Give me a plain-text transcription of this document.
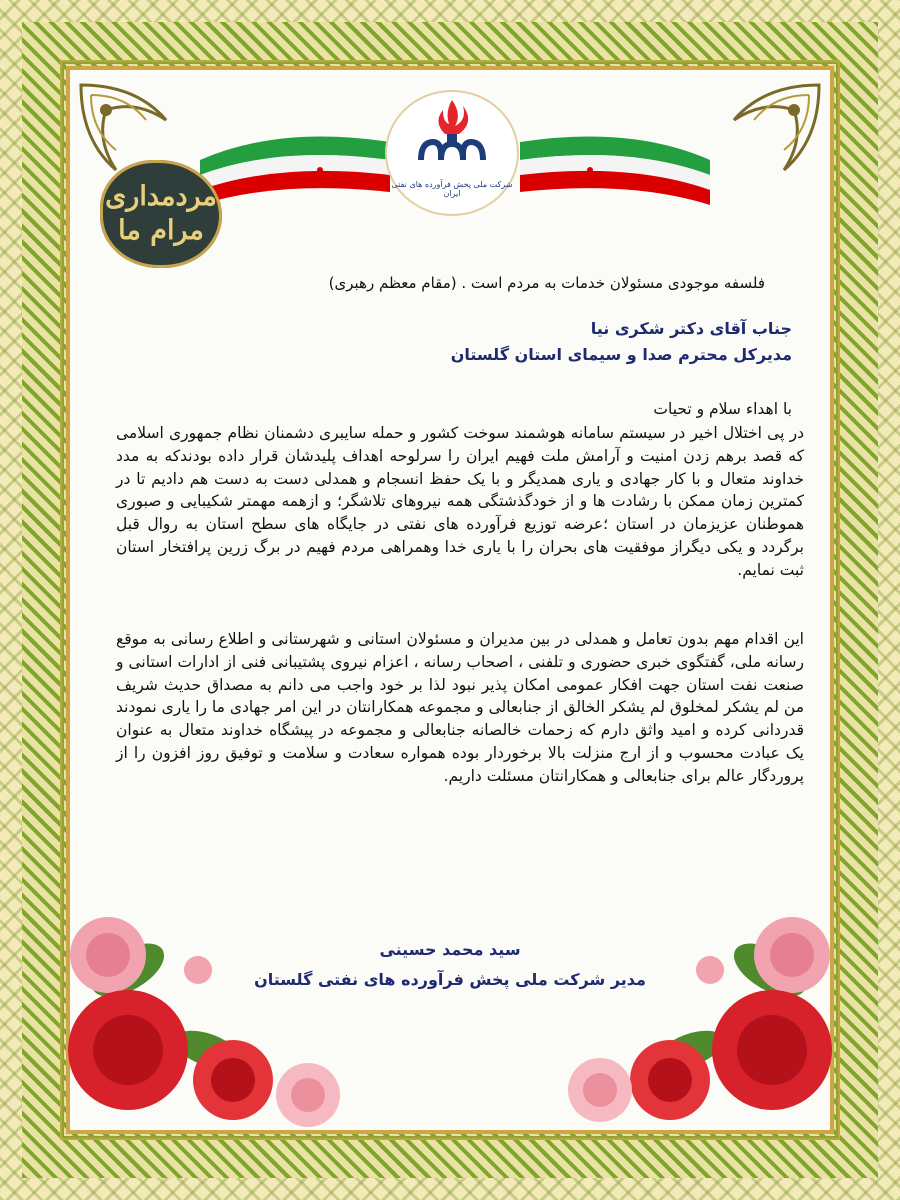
شرکت ملی پخش فرآورده های نفتی ایران
مردمداری
مرام ما
فلسفه موجودی مسئولان خدمات به مردم است . (مقام معظم رهبری)
جناب آقای دکتر شکری نیا
مدیرکل محترم صدا و سیمای استان گلستان
با اهداء سلام و تحیات
در پی اختلال اخیر در سیستم سامانه هوشمند سوخت کشور و حمله سایبری دشمنان نظام جمهوری اسلامی که قصد برهم زدن امنیت و آرامش ملت فهیم ایران را سرلوحه اهداف پلیدشان قرار داده بودندکه به مدد خداوند متعال و با کار جهادی و یاری همدیگر و با یک حفظ انسجام و همدلی دست به دست هم دادیم تا در کمترین زمان ممکن با رشادت ها و از خودگذشتگی همه نیروهای تلاشگر؛ و ازهمه مهمتر شکیبایی و صبوری هموطنان عزیزمان در استان ؛عرضه توزیع فرآورده های نفتی در جایگاه های سطح استان به روال قبل برگردد و یکی دیگراز موفقیت های بحران را با یاری خدا وهمراهی مردم فهیم در برگ زرین پرافتخار استان ثبت نمایم.
این اقدام مهم بدون تعامل و همدلی در بین مدیران و مسئولان استانی و شهرستانی و اطلاع رسانی به موقع رسانه ملی، گفتگوی خبری حضوری و تلفنی ، اصحاب رسانه ، اعزام نیروی پشتیبانی فنی از ادارات استانی و صنعت نفت استان جهت افکار عمومی امکان پذیر نبود لذا بر خود واجب می دانم به مصداق حدیث شریف من لم یشکر لمخلوق لم یشکر الخالق از جنابعالی و مجموعه همکارانتان در این امر جهادی ما را یاری نمودند قدردانی کرده و امید واثق دارم که زحمات خالصانه جنابعالی و مجموعه در پیشگاه خداوند متعال به عنوان یک عبادت محسوب و از ارج منزلت بالا برخوردار بوده همواره سعادت و سلامت و توفیق روز افزون را از پروردگار عالم برای جنابعالی و همکارانتان مسئلت داریم.
سید محمد حسینی
مدیر شرکت ملی پخش فرآورده های نفتی گلستان
